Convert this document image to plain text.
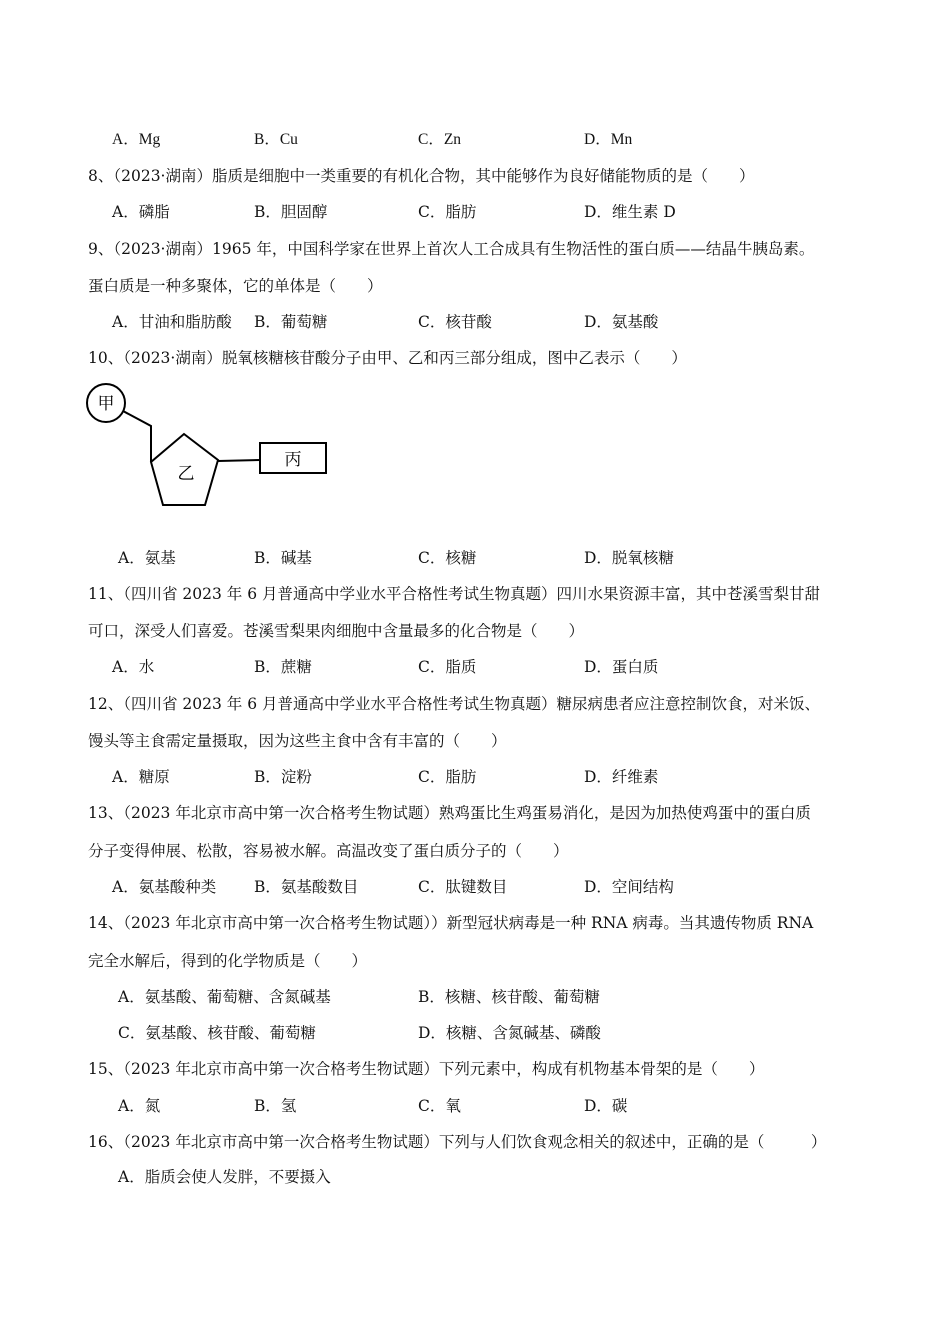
A．Mg	B．Cu	C．Zn	D．Mn
8、（2023·湖南）脂质是细胞中一类重要的有机化合物，其中能够作为良好储能物质的是（　　）
A．磷脂	B．胆固醇	C．脂肪	D．维生素 D
9、（2023·湖南）1965 年，中国科学家在世界上首次人工合成具有生物活性的蛋白质——结晶牛胰岛素。
蛋白质是一种多聚体，它的单体是（　　）
A．甘油和脂肪酸 B．葡萄糖	C．核苷酸	D．氨基酸
10、（2023·湖南）脱氧核糖核苷酸分子由甲、乙和丙三部分组成，图中乙表示（　　）
甲
乙
丙
A．氨基	B．碱基	C．核糖	D．脱氧核糖
11、（四川省 2023 年 6 月普通高中学业水平合格性考试生物真题）四川水果资源丰富，其中苍溪雪梨甘甜
可口，深受人们喜爱。苍溪雪梨果肉细胞中含量最多的化合物是（　　）
A．水	B．蔗糖	C．脂质	D．蛋白质
12、（四川省 2023 年 6 月普通高中学业水平合格性考试生物真题）糖尿病患者应注意控制饮食，对米饭、
馒头等主食需定量摄取，因为这些主食中含有丰富的（　　）
A．糖原	B．淀粉	C．脂肪	D．纤维素
13、（2023 年北京市高中第一次合格考生物试题）熟鸡蛋比生鸡蛋易消化，是因为加热使鸡蛋中的蛋白质
分子变得伸展、松散，容易被水解。高温改变了蛋白质分子的（　　）
A．氨基酸种类 B．氨基酸数目	C．肽键数目	D．空间结构
14、（2023 年北京市高中第一次合格考生物试题））新型冠状病毒是一种 RNA 病毒。当其遗传物质 RNA
完全水解后，得到的化学物质是（　　）
A．氨基酸、葡萄糖、含氮碱基	B．核糖、核苷酸、葡萄糖
C．氨基酸、核苷酸、葡萄糖	D．核糖、含氮碱基、磷酸
15、（2023 年北京市高中第一次合格考生物试题）下列元素中，构成有机物基本骨架的是（　　）
A．氮	B．氢	C．氧	D．碳
16、（2023 年北京市高中第一次合格考生物试题）下列与人们饮食观念相关的叙述中，正确的是（　　　）
A．脂质会使人发胖，不要摄入
